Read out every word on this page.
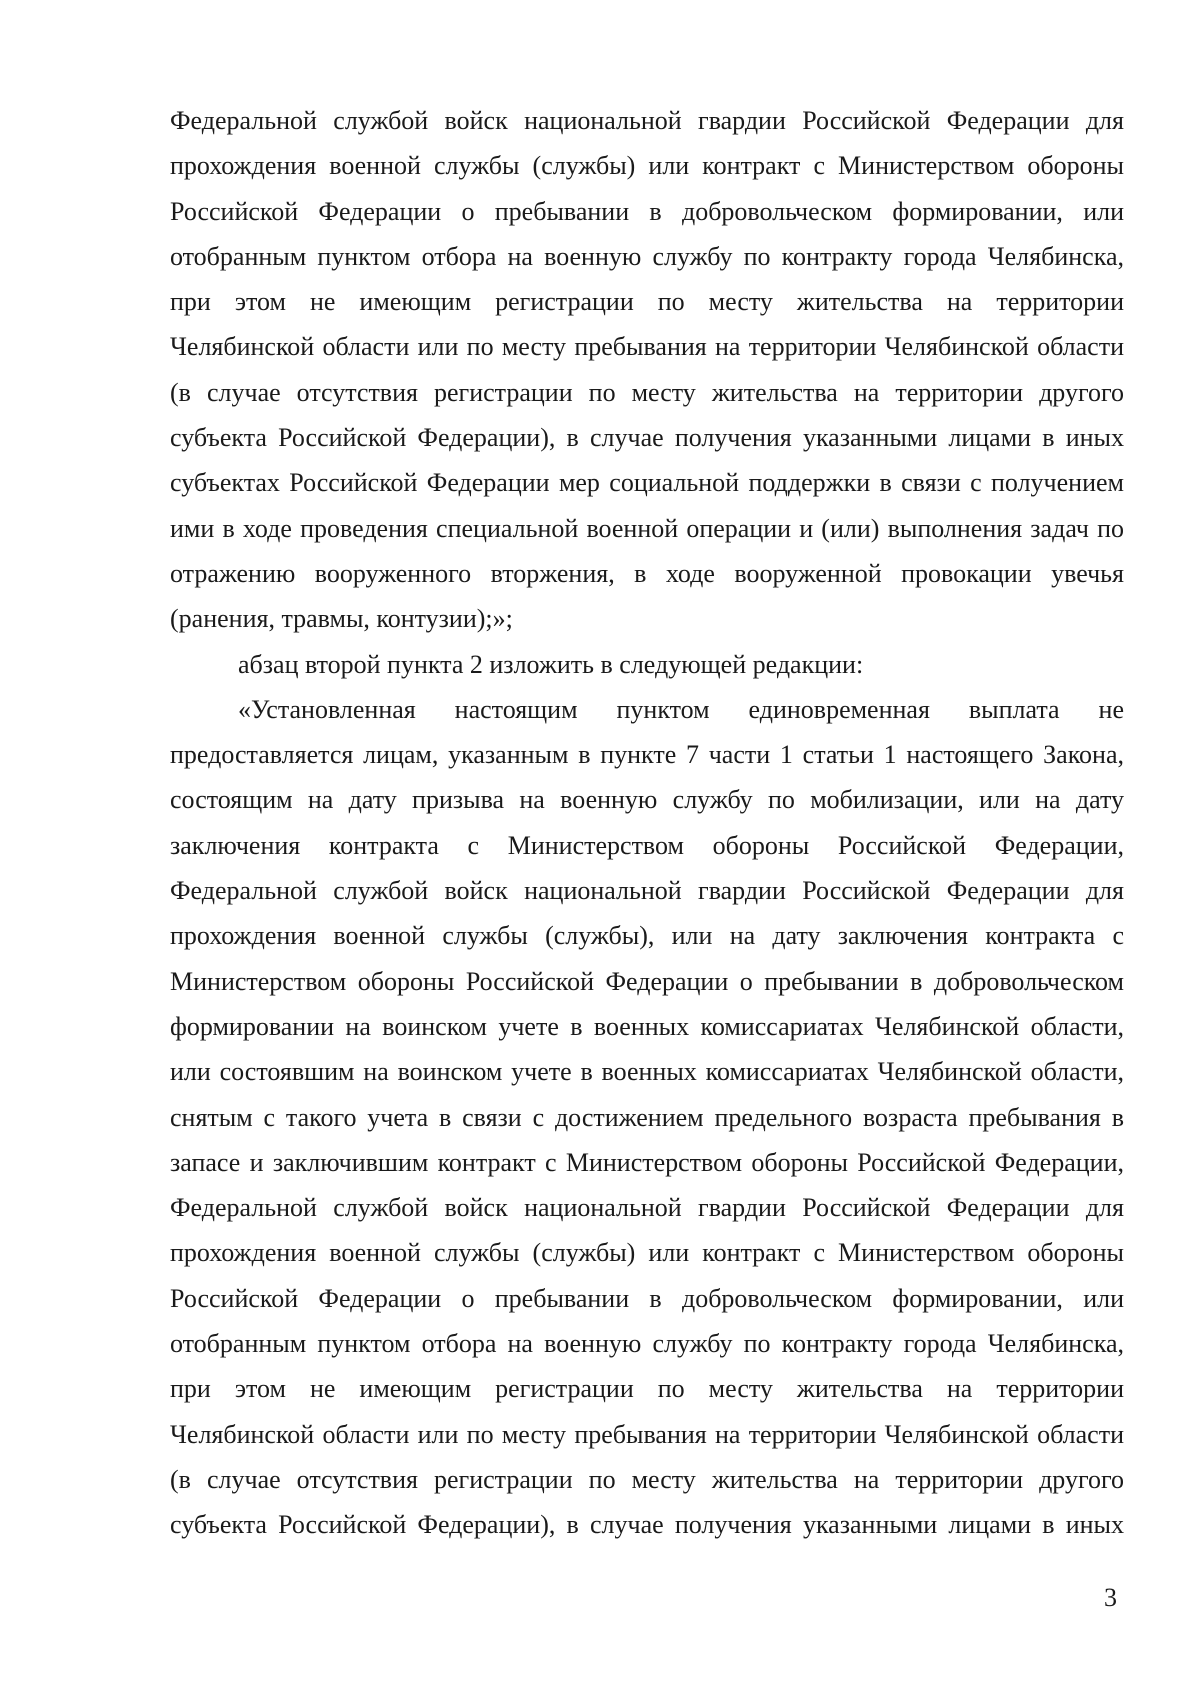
Федеральной службой войск национальной гвардии Российской Федерации для
прохождения военной службы (службы) или контракт с Министерством обороны
Российской Федерации о пребывании в добровольческом формировании, или
отобранным пунктом отбора на военную службу по контракту города Челябинска,
при этом не имеющим регистрации по месту жительства на территории
Челябинской области или по месту пребывания на территории Челябинской области
(в случае отсутствия регистрации по месту жительства на территории другого
субъекта Российской Федерации), в случае получения указанными лицами в иных
субъектах Российской Федерации мер социальной поддержки в связи с получением
ими в ходе проведения специальной военной операции и (или) выполнения задач по
отражению вооруженного вторжения, в ходе вооруженной провокации увечья
(ранения, травмы, контузии);»;
абзац второй пункта 2 изложить в следующей редакции:
«Установленная настоящим пунктом единовременная выплата не
предоставляется лицам, указанным в пункте 7 части 1 статьи 1 настоящего Закона,
состоящим на дату призыва на военную службу по мобилизации, или на дату
заключения контракта с Министерством обороны Российской Федерации,
Федеральной службой войск национальной гвардии Российской Федерации для
прохождения военной службы (службы), или на дату заключения контракта с
Министерством обороны Российской Федерации о пребывании в добровольческом
формировании на воинском учете в военных комиссариатах Челябинской области,
или состоявшим на воинском учете в военных комиссариатах Челябинской области,
снятым с такого учета в связи с достижением предельного возраста пребывания в
запасе и заключившим контракт с Министерством обороны Российской Федерации,
Федеральной службой войск национальной гвардии Российской Федерации для
прохождения военной службы (службы) или контракт с Министерством обороны
Российской Федерации о пребывании в добровольческом формировании, или
отобранным пунктом отбора на военную службу по контракту города Челябинска,
при этом не имеющим регистрации по месту жительства на территории
Челябинской области или по месту пребывания на территории Челябинской области
(в случае отсутствия регистрации по месту жительства на территории другого
субъекта Российской Федерации), в случае получения указанными лицами в иных
3
